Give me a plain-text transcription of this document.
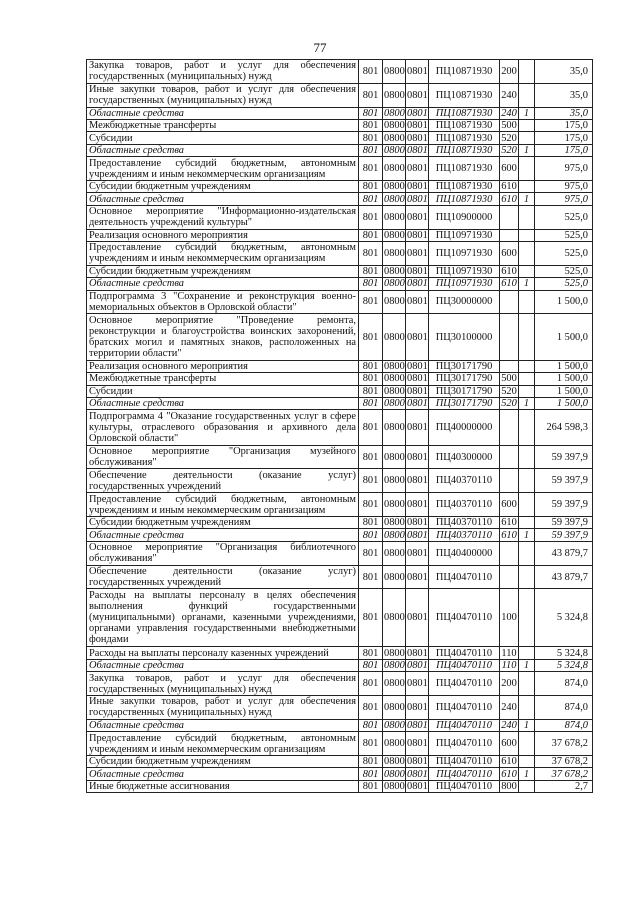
77
Закупка товаров, работ и услуг для обеспечения государственных (муниципальных) нужд	801	0800	0801	ПЦ10871930	200		35,0
Иные закупки товаров, работ и услуг для обеспечения государственных (муниципальных) нужд	801	0800	0801	ПЦ10871930	240		35,0
Областные средства	801	0800	0801	ПЦ10871930	240	1	35,0
Межбюджетные трансферты	801	0800	0801	ПЦ10871930	500		175,0
Субсидии	801	0800	0801	ПЦ10871930	520		175,0
Областные средства	801	0800	0801	ПЦ10871930	520	1	175,0
Предоставление субсидий бюджетным, автономным учреждениям и иным некоммерческим организациям	801	0800	0801	ПЦ10871930	600		975,0
Субсидии бюджетным учреждениям	801	0800	0801	ПЦ10871930	610		975,0
Областные средства	801	0800	0801	ПЦ10871930	610	1	975,0
Основное мероприятие "Информационно-издательская деятельность учреждений культуры"	801	0800	0801	ПЦ10900000			525,0
Реализация основного мероприятия	801	0800	0801	ПЦ10971930			525,0
Предоставление субсидий бюджетным, автономным учреждениям и иным некоммерческим организациям	801	0800	0801	ПЦ10971930	600		525,0
Субсидии бюджетным учреждениям	801	0800	0801	ПЦ10971930	610		525,0
Областные средства	801	0800	0801	ПЦ10971930	610	1	525,0
Подпрограмма 3 "Сохранение и реконструкция военно-мемориальных объектов в Орловской области"	801	0800	0801	ПЦ30000000			1 500,0
Основное мероприятие "Проведение ремонта, реконструкции и благоустройства воинских захоронений, братских могил и памятных знаков, расположенных на территории области"	801	0800	0801	ПЦ30100000			1 500,0
Реализация основного мероприятия	801	0800	0801	ПЦ30171790			1 500,0
Межбюджетные трансферты	801	0800	0801	ПЦ30171790	500		1 500,0
Субсидии	801	0800	0801	ПЦ30171790	520		1 500,0
Областные средства	801	0800	0801	ПЦ30171790	520	1	1 500,0
Подпрограмма 4 "Оказание государственных услуг в сфере культуры, отраслевого образования и архивного дела Орловской области"	801	0800	0801	ПЦ40000000			264 598,3
Основное мероприятие "Организация музейного обслуживания"	801	0800	0801	ПЦ40300000			59 397,9
Обеспечение деятельности (оказание услуг) государственных учреждений	801	0800	0801	ПЦ40370110			59 397,9
Предоставление субсидий бюджетным, автономным учреждениям и иным некоммерческим организациям	801	0800	0801	ПЦ40370110	600		59 397,9
Субсидии бюджетным учреждениям	801	0800	0801	ПЦ40370110	610		59 397,9
Областные средства	801	0800	0801	ПЦ40370110	610	1	59 397,9
Основное мероприятие "Организация библиотечного обслуживания"	801	0800	0801	ПЦ40400000			43 879,7
Обеспечение деятельности (оказание услуг) государственных учреждений	801	0800	0801	ПЦ40470110			43 879,7
Расходы на выплаты персоналу в целях обеспечения выполнения функций государственными (муниципальными) органами, казенными учреждениями, органами управления государственными внебюджетными фондами	801	0800	0801	ПЦ40470110	100		5 324,8
Расходы на выплаты персоналу казенных учреждений	801	0800	0801	ПЦ40470110	110		5 324,8
Областные средства	801	0800	0801	ПЦ40470110	110	1	5 324,8
Закупка товаров, работ и услуг для обеспечения государственных (муниципальных) нужд	801	0800	0801	ПЦ40470110	200		874,0
Иные закупки товаров, работ и услуг для обеспечения государственных (муниципальных) нужд	801	0800	0801	ПЦ40470110	240		874,0
Областные средства	801	0800	0801	ПЦ40470110	240	1	874,0
Предоставление субсидий бюджетным, автономным учреждениям и иным некоммерческим организациям	801	0800	0801	ПЦ40470110	600		37 678,2
Субсидии бюджетным учреждениям	801	0800	0801	ПЦ40470110	610		37 678,2
Областные средства	801	0800	0801	ПЦ40470110	610	1	37 678,2
Иные бюджетные ассигнования	801	0800	0801	ПЦ40470110	800		2,7
